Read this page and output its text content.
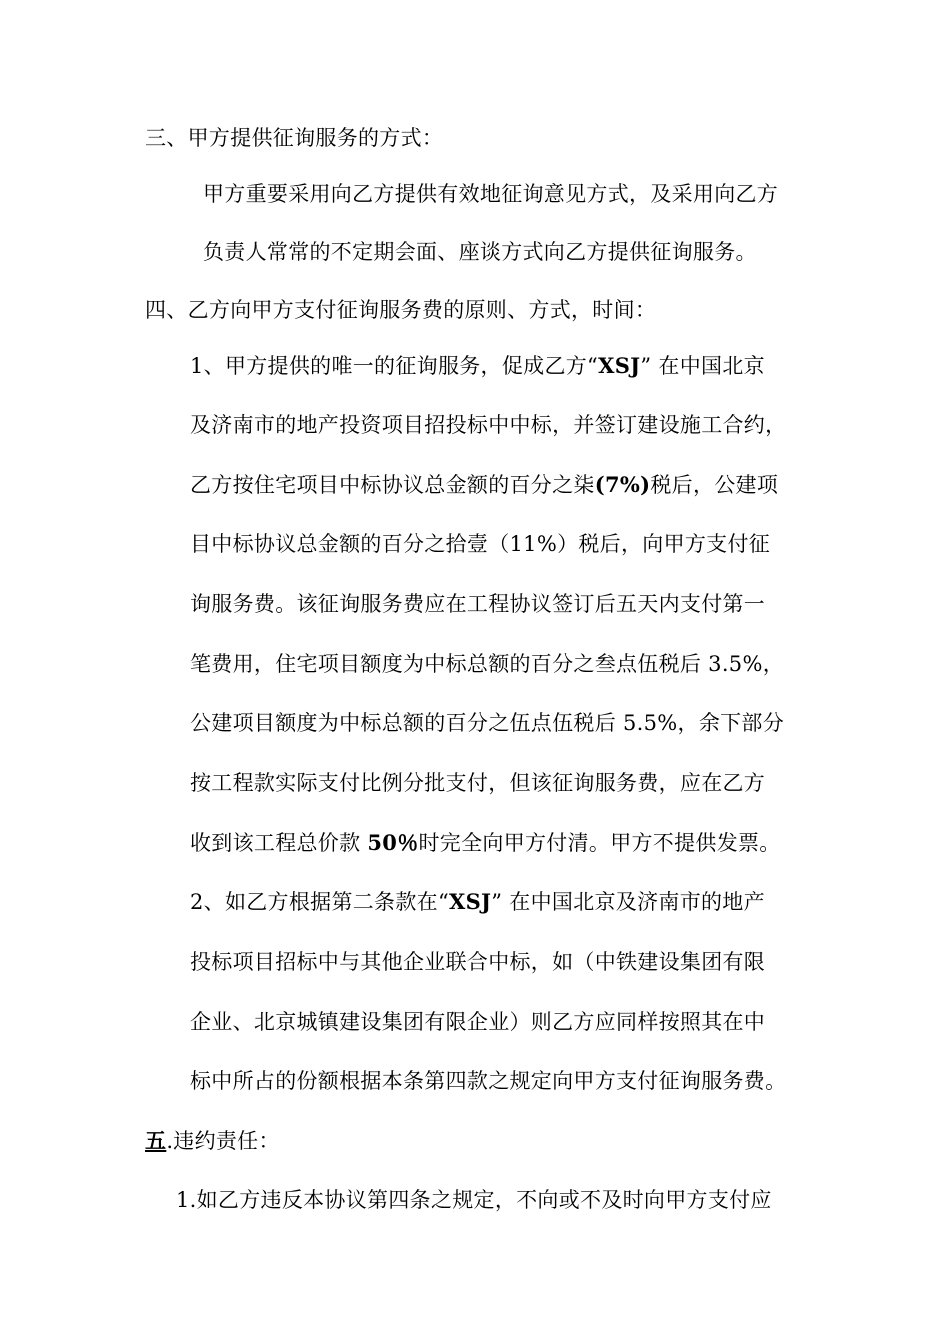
三、甲方提供征询服务的方式：
甲方重要采用向乙方提供有效地征询意见方式，及采用向乙方
负责人常常的不定期会面、座谈方式向乙方提供征询服务。
四、乙方向甲方支付征询服务费的原则、方式，时间：
1、甲方提供的唯一的征询服务，促成乙方“XSJ” 在中国北京
及济南市的地产投资项目招投标中中标，并签订建设施工合约，
乙方按住宅项目中标协议总金额的百分之柒(7%)税后，公建项
目中标协议总金额的百分之拾壹（11%）税后，向甲方支付征
询服务费。该征询服务费应在工程协议签订后五天内支付第一
笔费用，住宅项目额度为中标总额的百分之叁点伍税后 3.5%，
公建项目额度为中标总额的百分之伍点伍税后 5.5%，余下部分
按工程款实际支付比例分批支付，但该征询服务费，应在乙方
收到该工程总价款 50％时完全向甲方付清。甲方不提供发票。
2、如乙方根据第二条款在“XSJ” 在中国北京及济南市的地产
投标项目招标中与其他企业联合中标，如（中铁建设集团有限
企业、北京城镇建设集团有限企业）则乙方应同样按照其在中
标中所占的份额根据本条第四款之规定向甲方支付征询服务费。
五.违约责任：
1.如乙方违反本协议第四条之规定，不向或不及时向甲方支付应
